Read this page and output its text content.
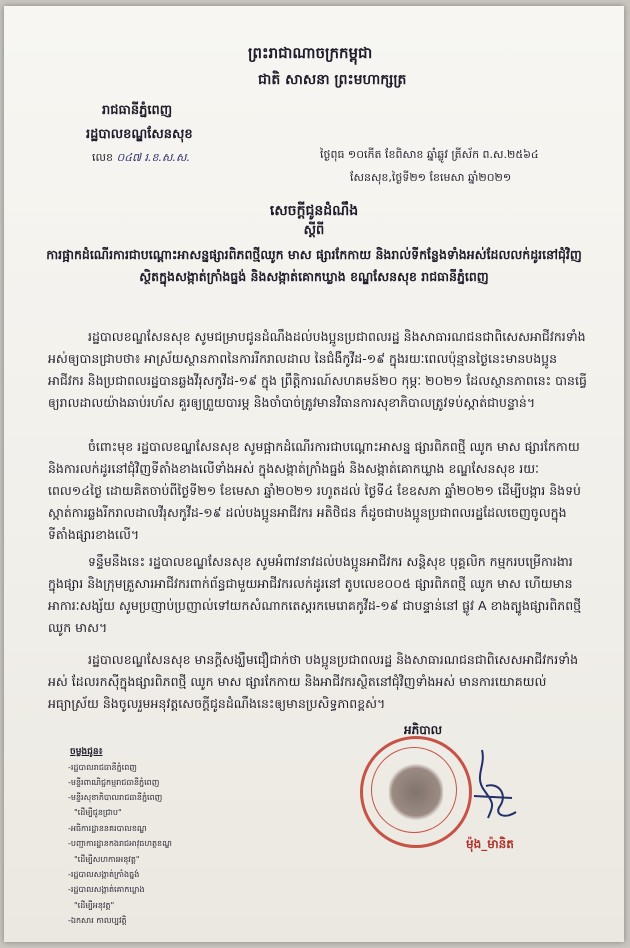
ព្រះរាជាណាចក្រកម្ពុជា
ជាតិ សាសនា ព្រះមហាក្សត្រ
រាជធានីភ្នំពេញ
រដ្ឋបាលខណ្ឌសែនសុខ
លេខ ០៤៧ រ.ខ.ស.ស.	ថ្ងៃពុធ ១០កើត ខែពិសាខ ឆ្នាំឆ្លូវ ត្រីស័ក ព.ស.២៥៦៤
សែនសុខ,ថ្ងៃទី២១ ខែមេសា ឆ្នាំ២០២១
សេចក្តីជូនដំណឹង
ស្តីពី
ការផ្អាកដំណើរការជាបណ្តោះអាសន្នផ្សារពិភពថ្មីឈូក មាស ផ្សារកែកាយ និងរាល់ទីកន្លែងទាំងអស់ដែលលក់ដូរនៅជុំវិញ ស្ថិតក្នុងសង្កាត់ក្រាំងធ្នង់ និងសង្កាត់គោកឃ្លាង ខណ្ឌសែនសុខ រាជធានីភ្នំពេញ
រដ្ឋបាលខណ្ឌសែនសុខ សូមជម្រាបជូនដំណឹងដល់បងប្អូនប្រជាពលរដ្ឋ និងសាធារណជនជាពិសេសអាជីវករទាំងអស់ឲ្យបានជ្រាបថា៖ អាស្រ័យស្ថានភាពនៃការរីករាលដាល នៃជំងឺកូវីដ-១៩ ក្នុងរយៈពេលប៉ុន្មានថ្ងៃនេះមានបងប្អូនអាជីវករ និងប្រជាពលរដ្ឋបានឆ្លងវីរុសកូវីដ-១៩ ក្នុង ព្រឹត្តិការណ៍សហគមន៍២០ កុម្ភៈ ២០២១ ដែលស្ថានភាពនេះ បានធ្វើឲ្យរាលដាលយ៉ាងឆាប់រហ័ស គួរឲ្យព្រួយបារម្ភ និងចាំបាច់ត្រូវមានវិធានការសុខាភិបាលត្រូវទប់ស្កាត់ជាបន្ទាន់។
ចំពោះមុខ រដ្ឋបាលខណ្ឌសែនសុខ សូមផ្អាកដំណើរការជាបណ្តោះអាសន្ន ផ្សារពិភពថ្មី ឈូក មាស ផ្សារកែកាយ និងការលក់ដូរនៅជុំវិញទីតាំងខាងលើទាំងអស់ ក្នុងសង្កាត់ក្រាំងធ្នង់ និងសង្កាត់គោកឃ្លាង ខណ្ឌសែនសុខ រយៈពេល១៤ថ្ងៃ ដោយគិតចាប់ពីថ្ងៃទី២១ ខែមេសា ឆ្នាំ២០២១ រហូតដល់ ថ្ងៃទី៤ ខែឧសភា ឆ្នាំ២០២១ ដើម្បីបង្ការ និងទប់ស្កាត់ការឆ្លងរីករាលដាលវីរុសកូវីដ-១៩ ដល់បងប្អូនអាជីវករ អតិថិជន ក៏ដូចជាបងប្អូនប្រជាពលរដ្ឋដែលចេញចូលក្នុងទីតាំងផ្សារខាងលើ។
ទន្ទឹមនឹងនេះ រដ្ឋបាលខណ្ឌសែនសុខ សូមអំពាវនាវដល់បងប្អូនអាជីវករ សន្តិសុខ បុគ្គលិក កម្មករបម្រើការងារក្នុងផ្សារ និងក្រុមគ្រួសារអាជីវករពាក់ព័ន្ធជាមួយអាជីវករលក់ដូរនៅ តូបលេខ០០៥ ផ្សារពិភពថ្មី ឈូក មាស ហើយមានអាការៈសង្ស័យ សូមប្រញាប់ប្រញាល់ទៅយកសំណាកតេស្តរកមេរោគកូវីដ-១៩ ជាបន្ទាន់នៅ ផ្លូវ A ខាងត្បូងផ្សារពិភពថ្មី ឈូក មាស។
រដ្ឋបាលខណ្ឌសែនសុខ មានក្តីសង្ឃឹមជឿជាក់ថា បងប្អូនប្រជាពលរដ្ឋ និងសាធារណជនជាពិសេសអាជីវករទាំងអស់ ដែលរកស៊ីក្នុងផ្សារពិភពថ្មី ឈូក មាស ផ្សារកែកាយ និងអាជីវករស្ថិតនៅជុំវិញទាំងអស់ មានការយោគយល់ អធ្យាស្រ័យ និងចូលរួមអនុវត្តសេចក្តីជូនដំណឹងនេះឲ្យមានប្រសិទ្ធភាពខ្ពស់។
អភិបាល
ម៉ុង_ម៉ានិត
ចម្លងជូន៖
-រដ្ឋបាលរាជធានីភ្នំពេញ
-មន្ទីរពាណិជ្ជកម្មរាជធានីភ្នំពេញ
-មន្ទីរសុខាភិបាលរាជធានីភ្នំពេញ
"ដើម្បីជូនជ្រាប"
-អធិការដ្ឋាននគរបាលខណ្ឌ
-បញ្ជាការដ្ឋានកងរាជអាវុធហត្ថខណ្ឌ
"ដើម្បីសហការអនុវត្ត"
-រដ្ឋបាលសង្កាត់ក្រាំងធ្នង់
-រដ្ឋបាលសង្កាត់គោកឃ្លាង
"ដើម្បីអនុវត្ត"
-ឯកសារ កាលប្បវត្តិ
